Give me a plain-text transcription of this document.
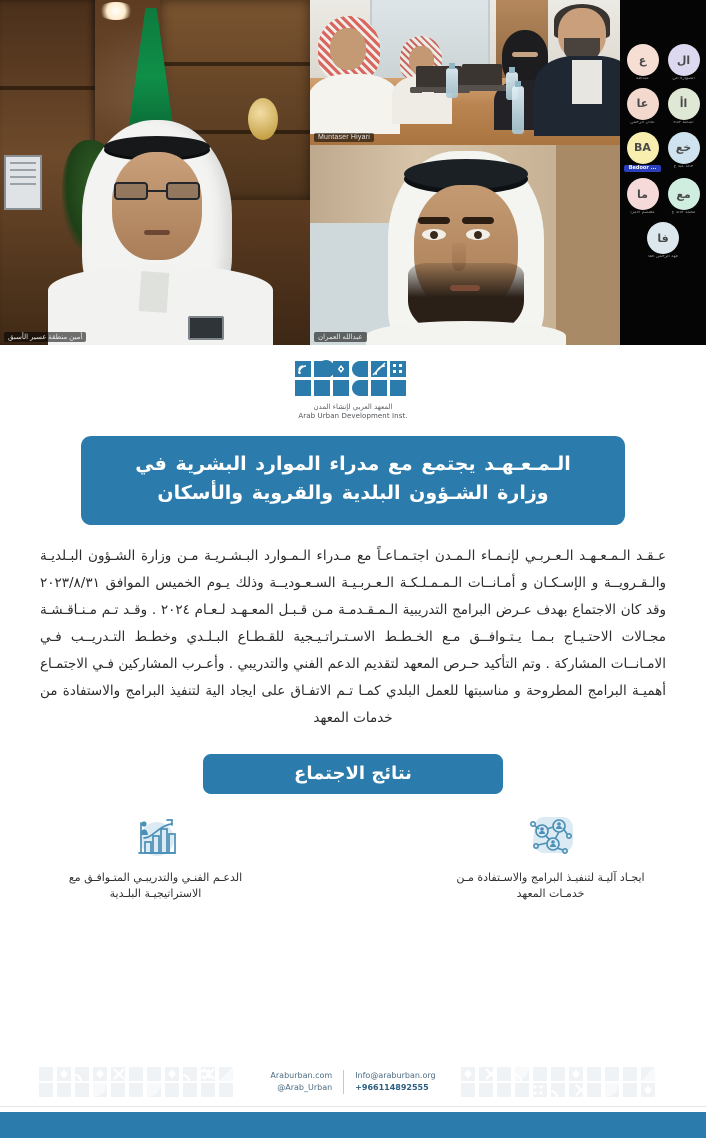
أمين منطقة عسير الأسبق
Muntaser Hiyari
عبدالله العمران
ع
عبدالله
ال
الصواره الي
عا
عادل الرحمن
اأ
اسامة جدة
BA
Bedoor ...
خع
خالد عبد ع
ما
معتصم الامرا
مع
محمد خالد ع
فا
فهد الرحمن الفا
المعهد العربي لإنشاء المدن
Arab Urban Development Inst.
الـمـعـهـد يجتمع مع مدراء الموارد البشرية في
وزارة الشـؤون البلدية والقروية والأسكان

عـقـد الـمـعـهـد الـعـربـي لإنـمـاء الـمـدن اجتـمـاعـاً مع مـدراء الـمـوارد البـشـريـة مـن وزارة الشـؤون البـلديـة والـقـرويــة و الإسـكـان و أمـانــات الـمـمـلـكـة الـعـربـيـة السـعـوديــة وذلك يـوم الخميس الموافق ٢٠٢٣/٨/٣١ وقد كان الاجتماع بهدف عـرض البرامج التدريبية الـمـقـدمـة مـن قـبـل المعـهـد لـعـام ٢٠٢٤ . وقـد تـم مـنـاقـشـة مجـالات الاحتـيـاج بـمـا يـتـوافــق مـع الخـطـط الاسـتـراتـيـجية للقـطـاع البـلـدي وخطـط التـدريــب فـي الامـانــات المشاركة . وتم التأكيد حـرص المعهد لتقديم الدعم الفني والتدريبي . وأعـرب المشاركين فـي الاجتمـاع أهميـة البرامج المطروحة و مناسبتها للعمل البلدي كمـا تـم الاتفـاق على ايجاد الية لتنفيذ البرامج والاستفادة من خدمات المعهد

نتائج الاجتماع
ايجـاد آليـة لتنفيـذ البرامج والاسـتفادة مـن خدمـات المعهد
الدعـم الفنـي والتدريبـي المتـوافـق مع الاستراتيجيـة البلـدية
Araburban.com
@Arab_Urban
Info@araburban.org
+966114892555
